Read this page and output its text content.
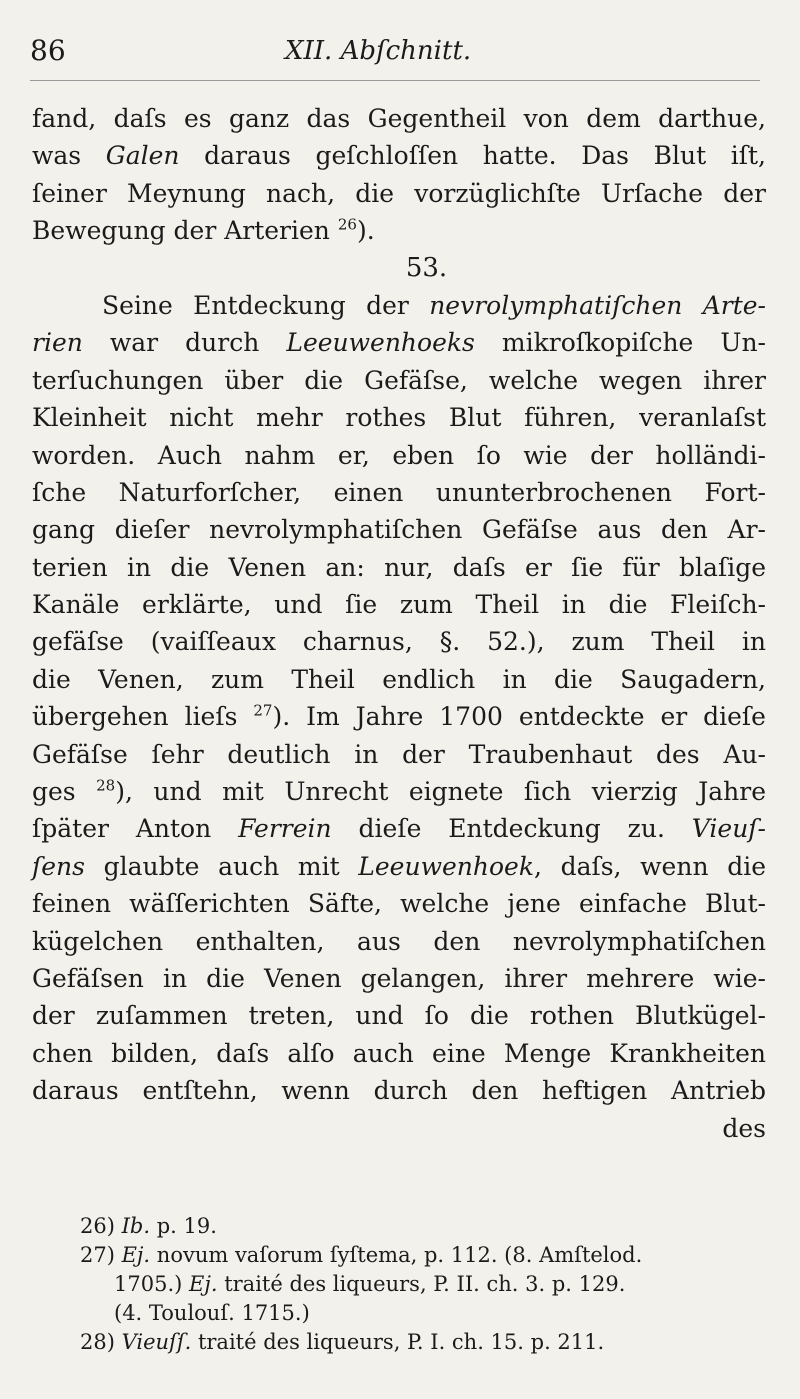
86	XII. Abſchnitt.
fand, daſs es ganz das Gegentheil von dem darthue,
was Galen daraus geſchloſſen hatte. Das Blut iſt,
ſeiner Meynung nach, die vorzüglichſte Urſache der
Bewegung der Arterien $^{26}$).
53.
Seine Entdeckung der nevrolymphatiſchen Arte-
rien war durch Leeuwenhoeks mikroſkopiſche Un-
terſuchungen über die Gefäſse, welche wegen ihrer
Kleinheit nicht mehr rothes Blut führen, veranlaſst
worden. Auch nahm er, eben ſo wie der holländi-
ſche Naturforſcher, einen ununterbrochenen Fort-
gang dieſer nevrolymphatiſchen Gefäſse aus den Ar-
terien in die Venen an: nur, daſs er ſie für blaſige
Kanäle erklärte, und ſie zum Theil in die Fleiſch-
gefäſse (vaiſſeaux charnus, §. 52.), zum Theil in
die Venen, zum Theil endlich in die Saugadern,
übergehen lieſs $^{27}$). Im Jahre 1700 entdeckte er dieſe
Gefäſse ſehr deutlich in der Traubenhaut des Au-
ges $^{28}$), und mit Unrecht eignete ſich vierzig Jahre
ſpäter Anton Ferrein dieſe Entdeckung zu. Vieuſ-
ſens glaubte auch mit Leeuwenhoek, daſs, wenn die
feinen wäſſerichten Säfte, welche jene einfache Blut-
kügelchen enthalten, aus den nevrolymphatiſchen
Gefäſsen in die Venen gelangen, ihrer mehrere wie-
der zuſammen treten, und ſo die rothen Blutkügel-
chen bilden, daſs alſo auch eine Menge Krankheiten
daraus entſtehn, wenn durch den heftigen Antrieb
des
26) Ib. p. 19.
27) Ej. novum vaſorum ſyſtema, p. 112. (8. Amſtelod.
1705.) Ej. traité des liqueurs, P. II. ch. 3. p. 129.
(4. Toulouſ. 1715.)
28) Vieuſſ. traité des liqueurs, P. I. ch. 15. p. 211.
